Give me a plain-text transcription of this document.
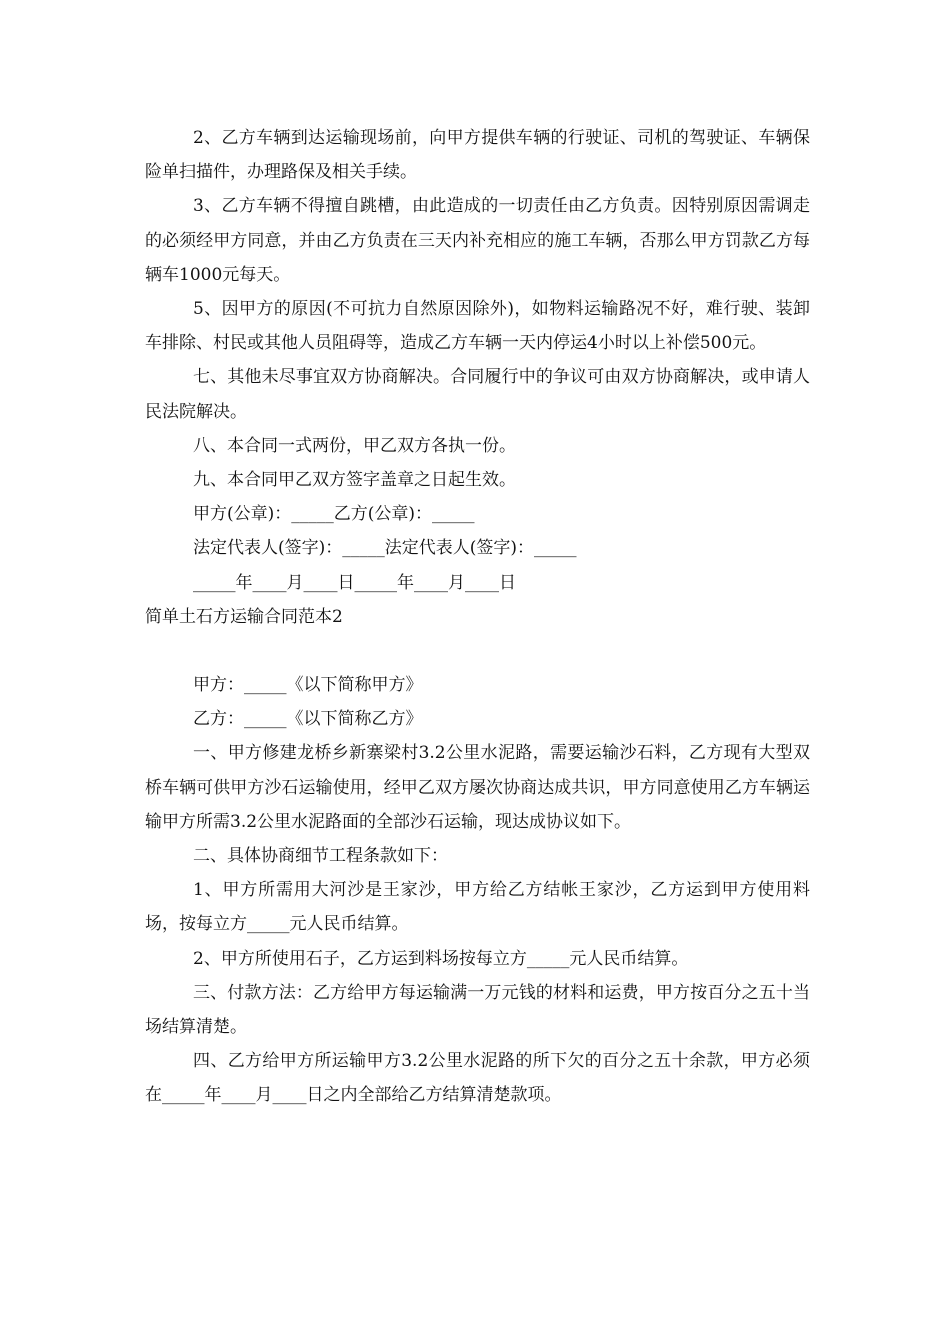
2、乙方车辆到达运输现场前，向甲方提供车辆的行驶证、司机的驾驶证、车辆保险单扫描件，办理路保及相关手续。

3、乙方车辆不得擅自跳槽，由此造成的一切责任由乙方负责。因特别原因需调走的必须经甲方同意，并由乙方负责在三天内补充相应的施工车辆，否那么甲方罚款乙方每辆车1000元每天。

5、因甲方的原因(不可抗力自然原因除外)，如物料运输路况不好，难行驶、装卸车排除、村民或其他人员阻碍等，造成乙方车辆一天内停运4小时以上补偿500元。

七、其他未尽事宜双方协商解决。合同履行中的争议可由双方协商解决，或申请人民法院解决。

八、本合同一式两份，甲乙双方各执一份。

九、本合同甲乙双方签字盖章之日起生效。

甲方(公章)：_____乙方(公章)：_____

法定代表人(签字)：_____法定代表人(签字)：_____

_____年____月____日_____年____月____日

简单土石方运输合同范本2

甲方：_____《以下简称甲方》

乙方：_____《以下简称乙方》

一、甲方修建龙桥乡新寨梁村3.2公里水泥路，需要运输沙石料，乙方现有大型双桥车辆可供甲方沙石运输使用，经甲乙双方屡次协商达成共识，甲方同意使用乙方车辆运输甲方所需3.2公里水泥路面的全部沙石运输，现达成协议如下。

二、具体协商细节工程条款如下：

1、甲方所需用大河沙是王家沙，甲方给乙方结帐王家沙，乙方运到甲方使用料场，按每立方_____元人民币结算。

2、甲方所使用石子，乙方运到料场按每立方_____元人民币结算。

三、付款方法：乙方给甲方每运输满一万元钱的材料和运费，甲方按百分之五十当场结算清楚。

四、乙方给甲方所运输甲方3.2公里水泥路的所下欠的百分之五十余款，甲方必须在_____年____月____日之内全部给乙方结算清楚款项。
